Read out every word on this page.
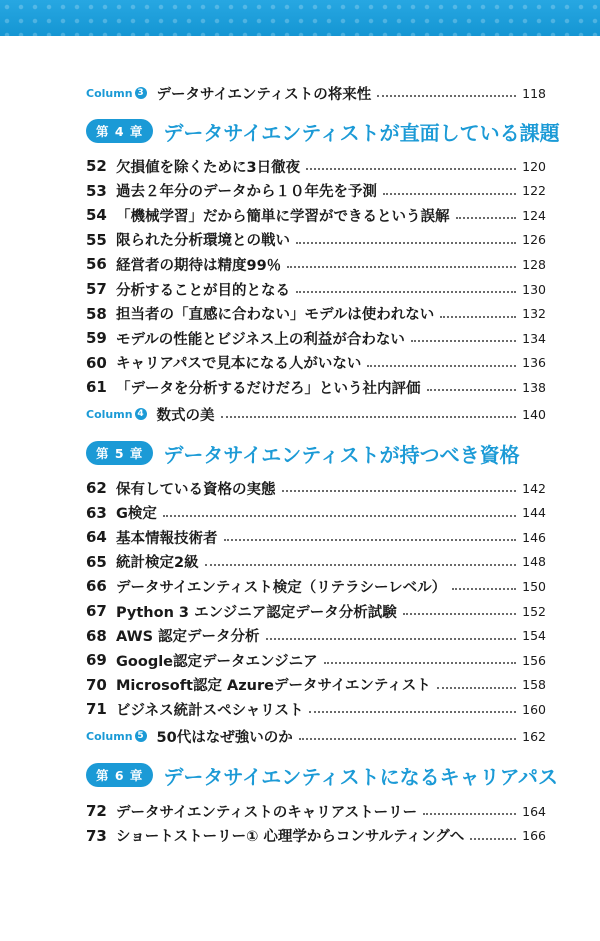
Column 3 データサイエンティストの将来性	118
第 4 章	データサイエンティストが直面している課題
52 欠損値を除くために3日徹夜	120
53 過去２年分のデータから１０年先を予測	122
54 「機械学習」だから簡単に学習ができるという誤解	124
55 限られた分析環境との戦い	126
56 経営者の期待は精度99％	128
57 分析することが目的となる	130
58 担当者の「直感に合わない」モデルは使われない	132
59 モデルの性能とビジネス上の利益が合わない	134
60 キャリアパスで見本になる人がいない	136
61 「データを分析するだけだろ」という社内評価	138
Column 4 数式の美	140
第 5 章	データサイエンティストが持つべき資格
62 保有している資格の実態	142
63 G検定	144
64 基本情報技術者	146
65 統計検定2級	148
66 データサイエンティスト検定（リテラシーレベル）	150
67 Python 3 エンジニア認定データ分析試験	152
68 AWS 認定データ分析	154
69 Google認定データエンジニア	156
70 Microsoft認定 Azureデータサイエンティスト	158
71 ビジネス統計スペシャリスト	160
Column 5 50代はなぜ強いのか	162
第 6 章	データサイエンティストになるキャリアパス
72 データサイエンティストのキャリアストーリー	164
73 ショートストーリー① 心理学からコンサルティングへ	166
